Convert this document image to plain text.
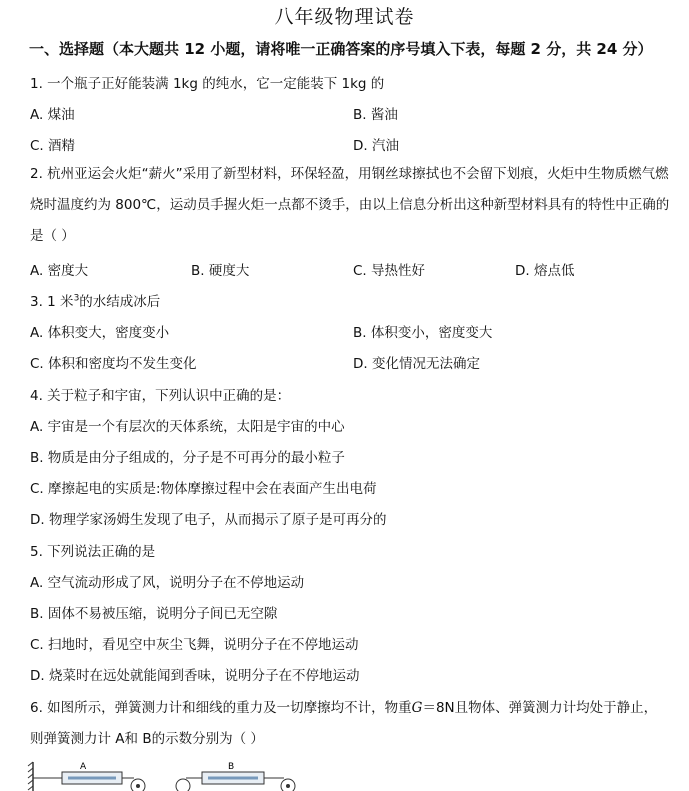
八年级物理试卷
一、选择题（本大题共 12 小题，请将唯一正确答案的序号填入下表，每题 2 分，共 24 分）
1. 一个瓶子正好能装满 1kg 的纯水，它一定能装下 1kg 的
A. 煤油	B. 酱油
C. 酒精	D. 汽油
2. 杭州亚运会火炬“薪火”采用了新型材料，环保轻盈，用钢丝球擦拭也不会留下划痕，火炬中生物质燃气燃烧时温度约为 800℃，运动员手握火炬一点都不烫手，由以上信息分析出这种新型材料具有的特性中正确的是（ ）
A. 密度大	B. 硬度大	C. 导热性好	D. 熔点低
3. 1 米$^3$的水结成冰后
A. 体积变大，密度变小	B. 体积变小，密度变大
C. 体积和密度均不发生变化	D. 变化情况无法确定
4. 关于粒子和宇宙，下列认识中正确的是：
A. 宇宙是一个有层次的天体系统，太阳是宇宙的中心
B. 物质是由分子组成的，分子是不可再分的最小粒子
C. 摩擦起电的实质是:物体摩擦过程中会在表面产生出电荷
D. 物理学家汤姆生发现了电子，从而揭示了原子是可再分的
5. 下列说法正确的是
A. 空气流动形成了风，说明分子在不停地运动
B. 固体不易被压缩，说明分子间已无空隙
C. 扫地时，看见空中灰尘飞舞，说明分子在不停地运动
D. 烧菜时在远处就能闻到香味，说明分子在不停地运动
6. 如图所示，弹簧测力计和细线的重力及一切摩擦均不计，物重G＝8N且物体、弹簧测力计均处于静止，
则弹簧测力计 A和 B的示数分别为（ ）
A	B
